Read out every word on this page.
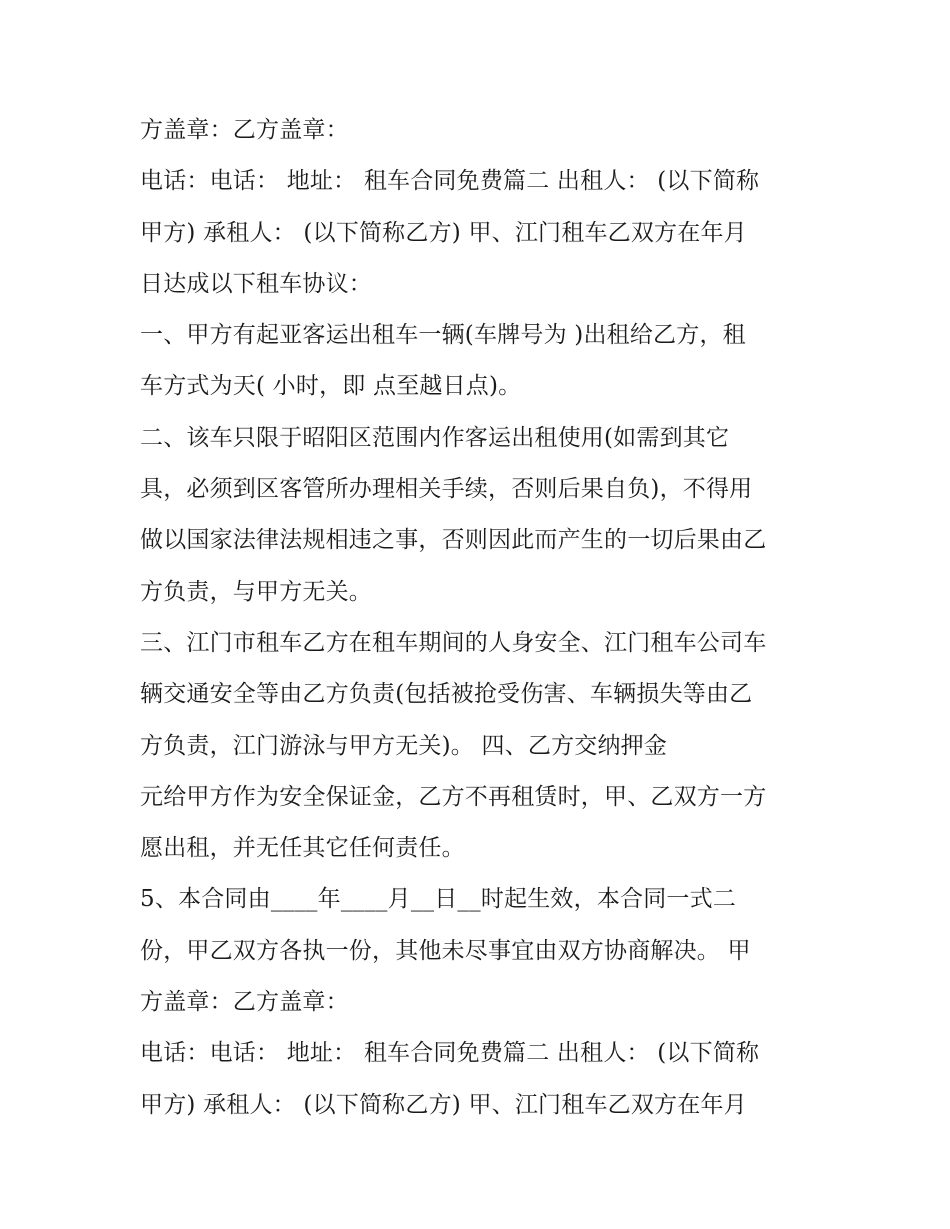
方盖章：乙方盖章：
电话：电话： 地址： 租车合同免费篇二 出租人： (以下简称
甲方) 承租人： (以下简称乙方) 甲、江门租车乙双方在年月
日达成以下租车协议：
一、甲方有起亚客运出租车一辆(车牌号为 )出租给乙方，租
车方式为天( 小时，即 点至越日点)。
二、该车只限于昭阳区范围内作客运出租使用(如需到其它
具，必须到区客管所办理相关手续，否则后果自负)，不得用
做以国家法律法规相违之事，否则因此而产生的一切后果由乙
方负责，与甲方无关。
三、江门市租车乙方在租车期间的人身安全、江门租车公司车
辆交通安全等由乙方负责(包括被抢受伤害、车辆损失等由乙
方负责，江门游泳与甲方无关)。 四、乙方交纳押金
元给甲方作为安全保证金，乙方不再租赁时，甲、乙双方一方
愿出租，并无任其它任何责任。
5、本合同由____年____月__日__时起生效，本合同一式二
份，甲乙双方各执一份，其他未尽事宜由双方协商解决。 甲
方盖章：乙方盖章：
电话：电话： 地址： 租车合同免费篇二 出租人： (以下简称
甲方) 承租人： (以下简称乙方) 甲、江门租车乙双方在年月
